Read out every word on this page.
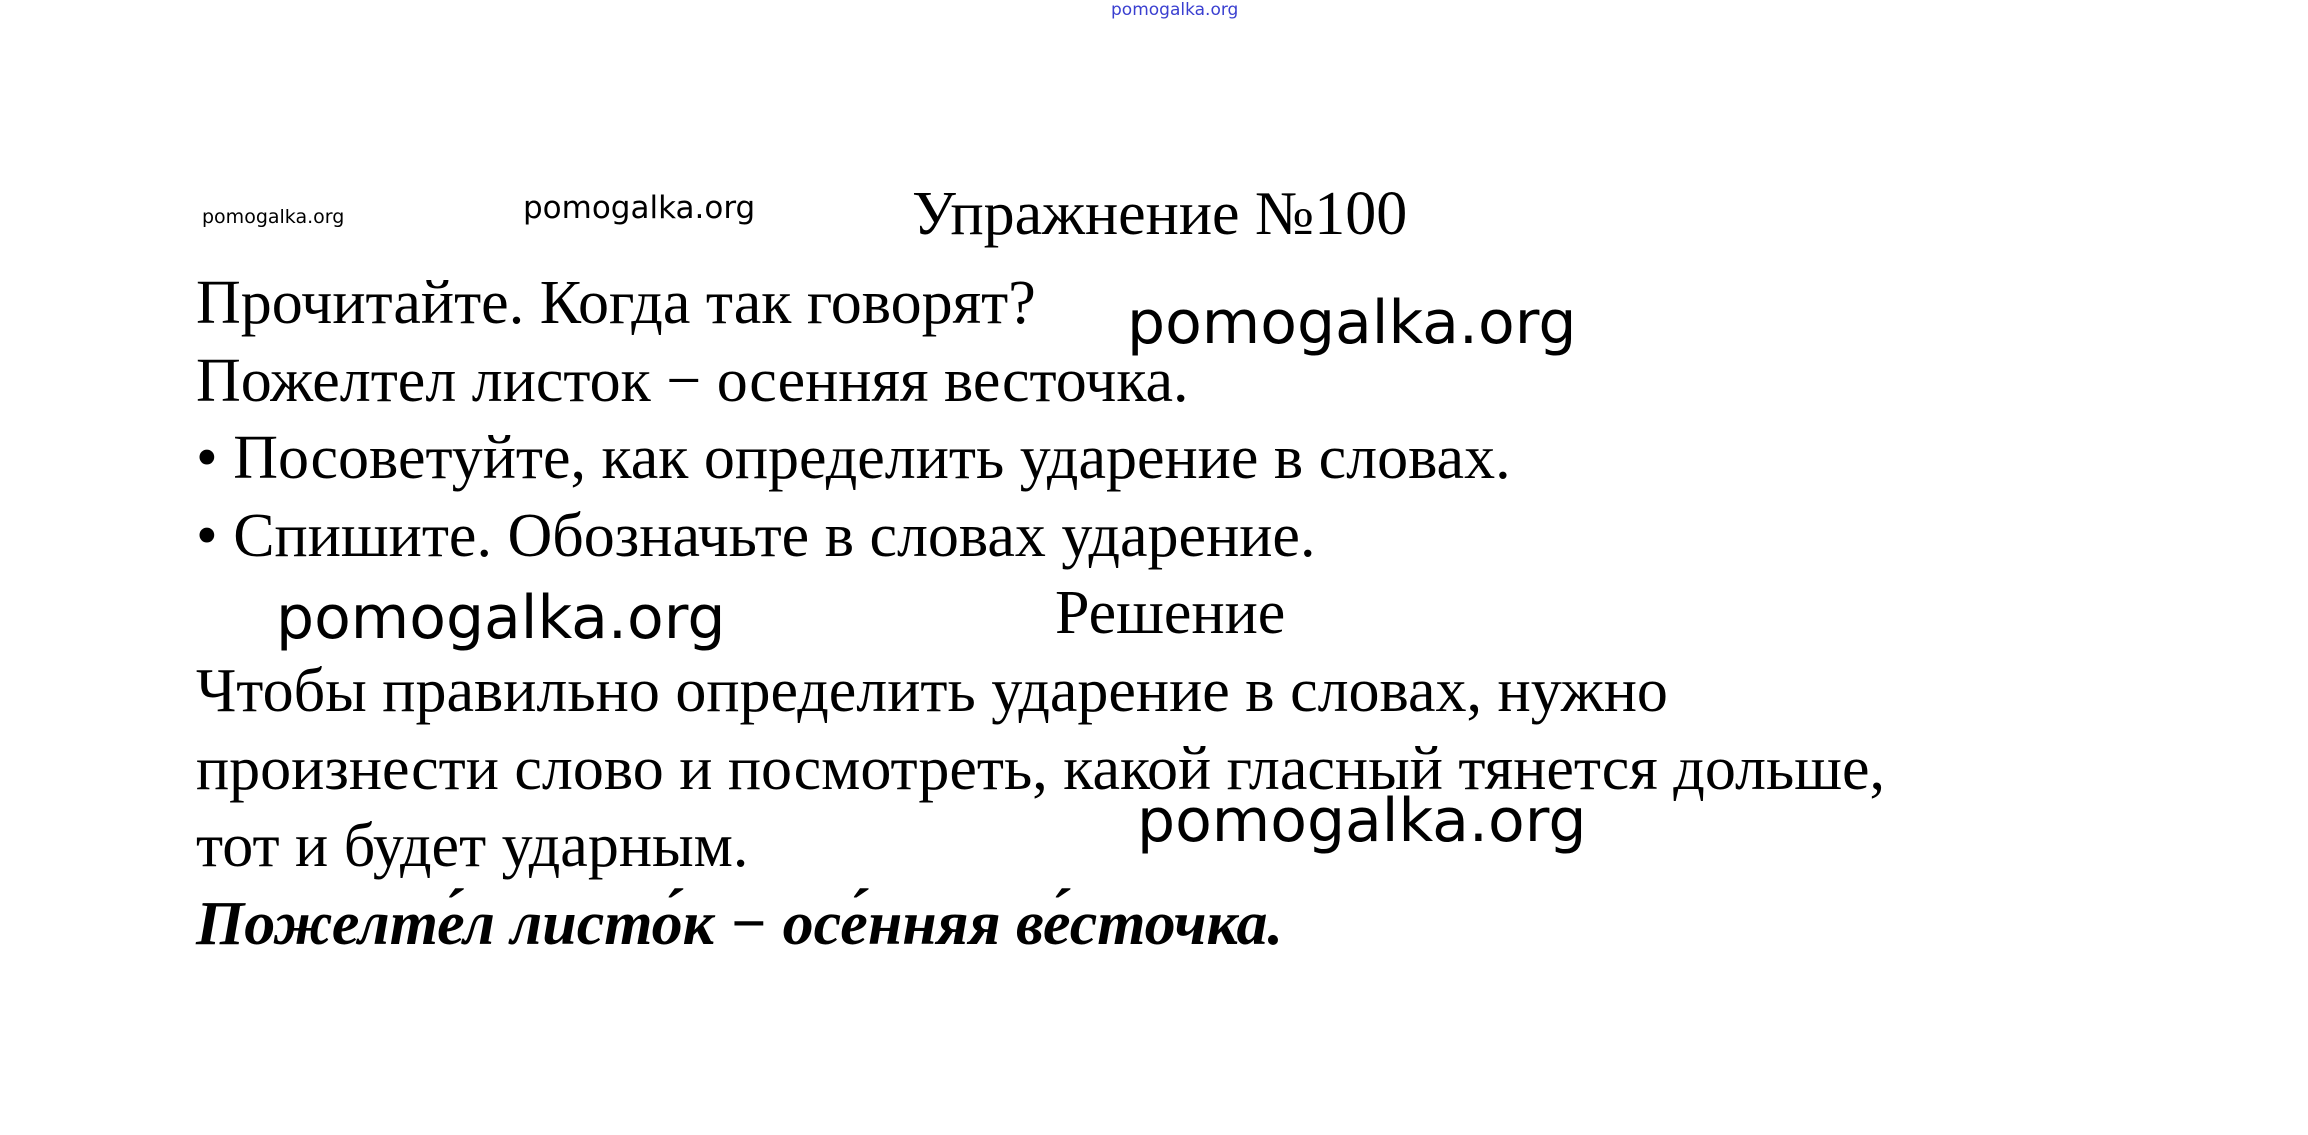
pomogalka.org
pomogalka.org	pomogalka.org	Упражнение №100
Прочитайте. Когда так говорят?
Пожелтел листок − осенняя весточка.
• Посоветуйте, как определить ударение в словах.
• Спишите. Обозначьте в словах ударение.
Решение
Чтобы правильно определить ударение в словах, нужно
произнести слово и посмотреть, какой гласный тянется дольше,
тот и будет ударным.
Пожелте́л листо́к − осе́нняя ве́сточка.
pomogalka.org
pomogalka.org
pomogalka.org
